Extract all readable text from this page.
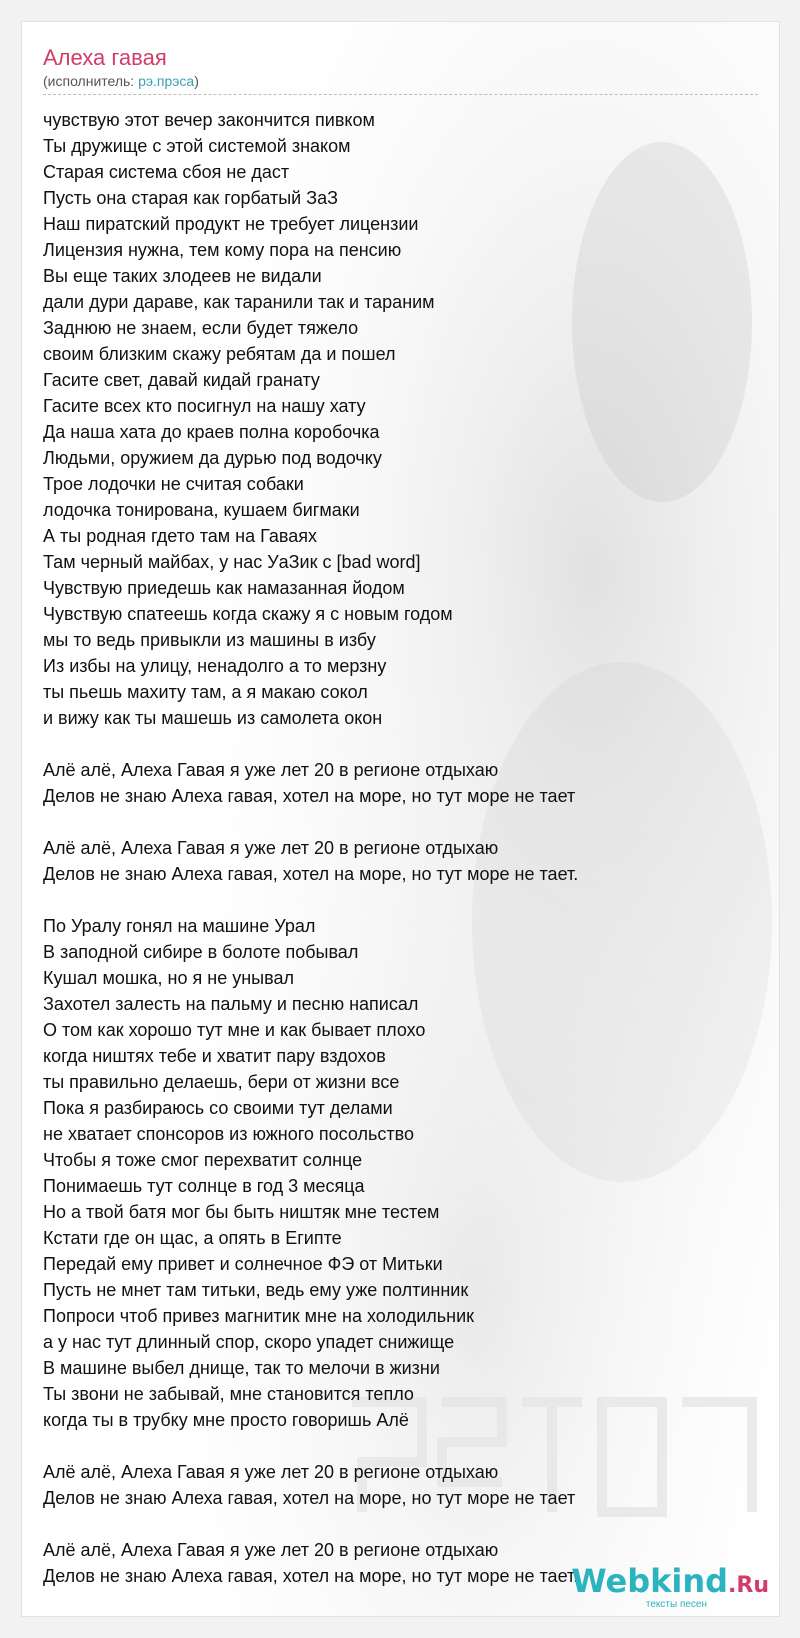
Алеха гавая
(исполнитель: рэ.прэса)
чувствую этот вечер закончится пивком
Ты дружище с этой системой знаком
Старая система сбоя не даст
Пусть она старая как горбатый ЗаЗ
Наш пиратский продукт не требует лицензии
Лицензия нужна, тем кому пора на пенсию
Вы еще таких злодеев не видали
дали дури дараве, как таранили так и тараним
Заднюю не знаем, если будет тяжело
своим близким скажу ребятам да и пошел
Гасите свет, давай кидай гранату
Гасите всех кто посигнул на нашу хату
Да наша хата до краев полна коробочка
Людьми, оружием да дурью под водочку
Трое лодочки не считая собаки
лодочка тонирована, кушаем бигмаки
А ты родная гдето там на Гаваях
Там черный майбах, у нас УаЗик с [bad word]
Чувствую приедешь как намазанная йодом
Чувствую спатеешь когда скажу я с новым годом
мы то ведь привыкли из машины в избу
Из избы на улицу, ненадолго а то мерзну
ты пьешь махиту там, а я макаю сокол
и вижу как ты машешь из самолета окон
Алё алё, Алеха Гавая я уже лет 20 в регионе отдыхаю
Делов не знаю Алеха гавая, хотел на море, но тут море не тает
Алё алё, Алеха Гавая я уже лет 20 в регионе отдыхаю
Делов не знаю Алеха гавая, хотел на море, но тут море не тает.
По Уралу гонял на машине Урал
В заподной сибире в болоте побывал
Кушал мошка, но я не унывал
Захотел залесть на пальму и песню написал
О том как хорошо тут мне и как бывает плохо
когда ништях тебе и хватит пару вздохов
ты правильно делаешь, бери от жизни все
Пока я разбираюсь со своими тут делами
не хватает спонсоров из южного посольство
Чтобы я тоже смог перехватит солнце
Понимаешь тут солнце в год 3 месяца
Но а твой батя мог бы быть ништяк мне тестем
Кстати где он щас, а опять в Египте
Передай ему привет и солнечное ФЭ от Митьки
Пусть не мнет там титьки, ведь ему уже полтинник
Попроси чтоб привез магнитик мне на холодильник
а у нас тут длинный спор, скоро упадет снижище
В машине выбел днище, так то мелочи в жизни
Ты звони не забывай, мне становится тепло
когда ты в трубку мне просто говоришь Алё
Алё алё, Алеха Гавая я уже лет 20 в регионе отдыхаю
Делов не знаю Алеха гавая, хотел на море, но тут море не тает
Алё алё, Алеха Гавая я уже лет 20 в регионе отдыхаю
Делов не знаю Алеха гавая, хотел на море, но тут море не тает.
Webkind.Ru
тексты песен
